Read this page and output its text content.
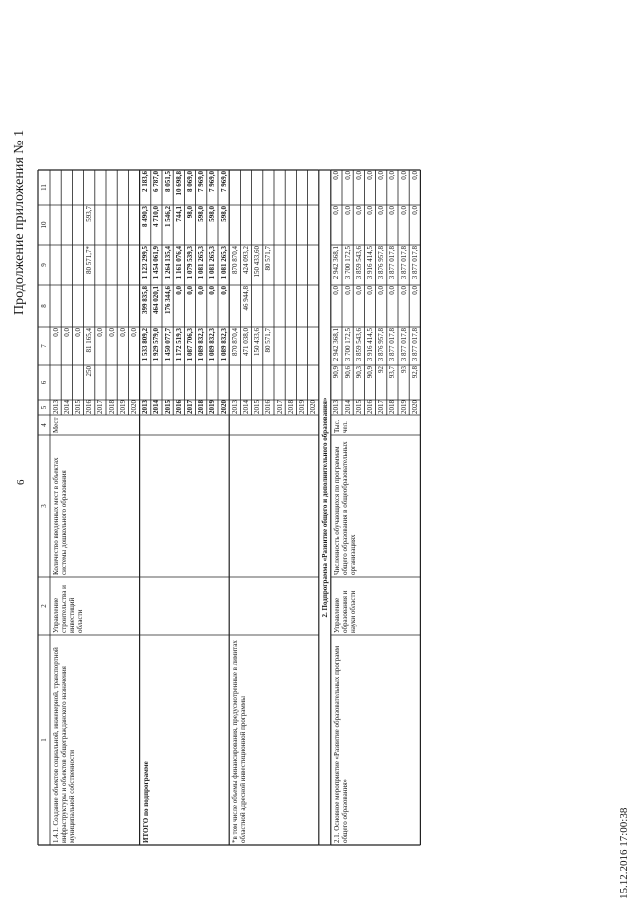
Продолжение приложения № 1
6
15.12.2016 17:00:38
1
2
3
4
5
6
7
8
9
10
11
1.4.1. Создание объектов социальной, инженерной, транспортной инфраструктуры и объектов общегражданского назначения муниципальной собственности
Управление строительства и инвестиций области
Количество введенных мест в объектах системы дошкольного образования
Мест
2013
0,0
2014
0,0
2015
0,0
2016
250
81 165,4
80 571,7*
593,7
2017
0,0
2018
0,0
2019
0,0
2020
0,0
ИТОГО по подпрограмме
2013
1 533 809,2
399 835,8
1 123 299,5
8 490,3
2 183,6
2014
1 929 579,0
464 020,1
1 454 061,9
4 710,0
6 787,0
2015
1 450 077,7
176 344,6
1 264 135,4
1 546,2
8 051,5
2016
1 172 519,3
0,0
1 161 076,4
744,1
10 698,8
2017
1 087 706,3
0,0
1 079 539,3
98,0
8 069,0
2018
1 089 832,3
0,0
1 081 265,3
598,0
7 969,0
2019
1 089 832,3
0,0
1 081 265,3
598,0
7 969,0
2020
1 089 832,3
0,0
1 081 265,3
598,0
7 969,0
*в том числе объемы финансирования, предусмотренные в лимитах областной адресной инвестиционной программы
2013
870 870,4
870 870,4
2014
471 038,0
46 944,8
424 093,2
2015
150 433,6
150 433,60
2016
80 571,7
80 571,7
2017 2018 2019 2020 2. Подпрограмма «Развитие общего и дополнительного образования»
2.1. Основное мероприятие «Развитие образовательных программ общего образования»
Управление образования и науки области
Численность обучающихся по программам общего образования в общеобразовательных организациях
Тыс. чел.
2013
90,9
2 942 368,1
0,0
2 942 368,1
0,0
0,0
2014
90,6
3 700 172,5
0,0
3 700 172,5
0,0
0,0
2015
90,3
3 859 543,6
0,0
3 859 543,6
0,0
0,0
2016
90,9
3 916 414,5
0,0
3 916 414,5
0,0
0,0
2017
92
3 876 957,8
0,0
3 876 957,8
0,0
0,0
2018
93,7
3 877 017,8
0,0
3 877 017,8
0,0
0,0
2019
93
3 877 017,8
0,0
3 877 017,8
0,0
0,0
2020
92,8
3 877 017,8
0,0
3 877 017,8
0,0
0,0
